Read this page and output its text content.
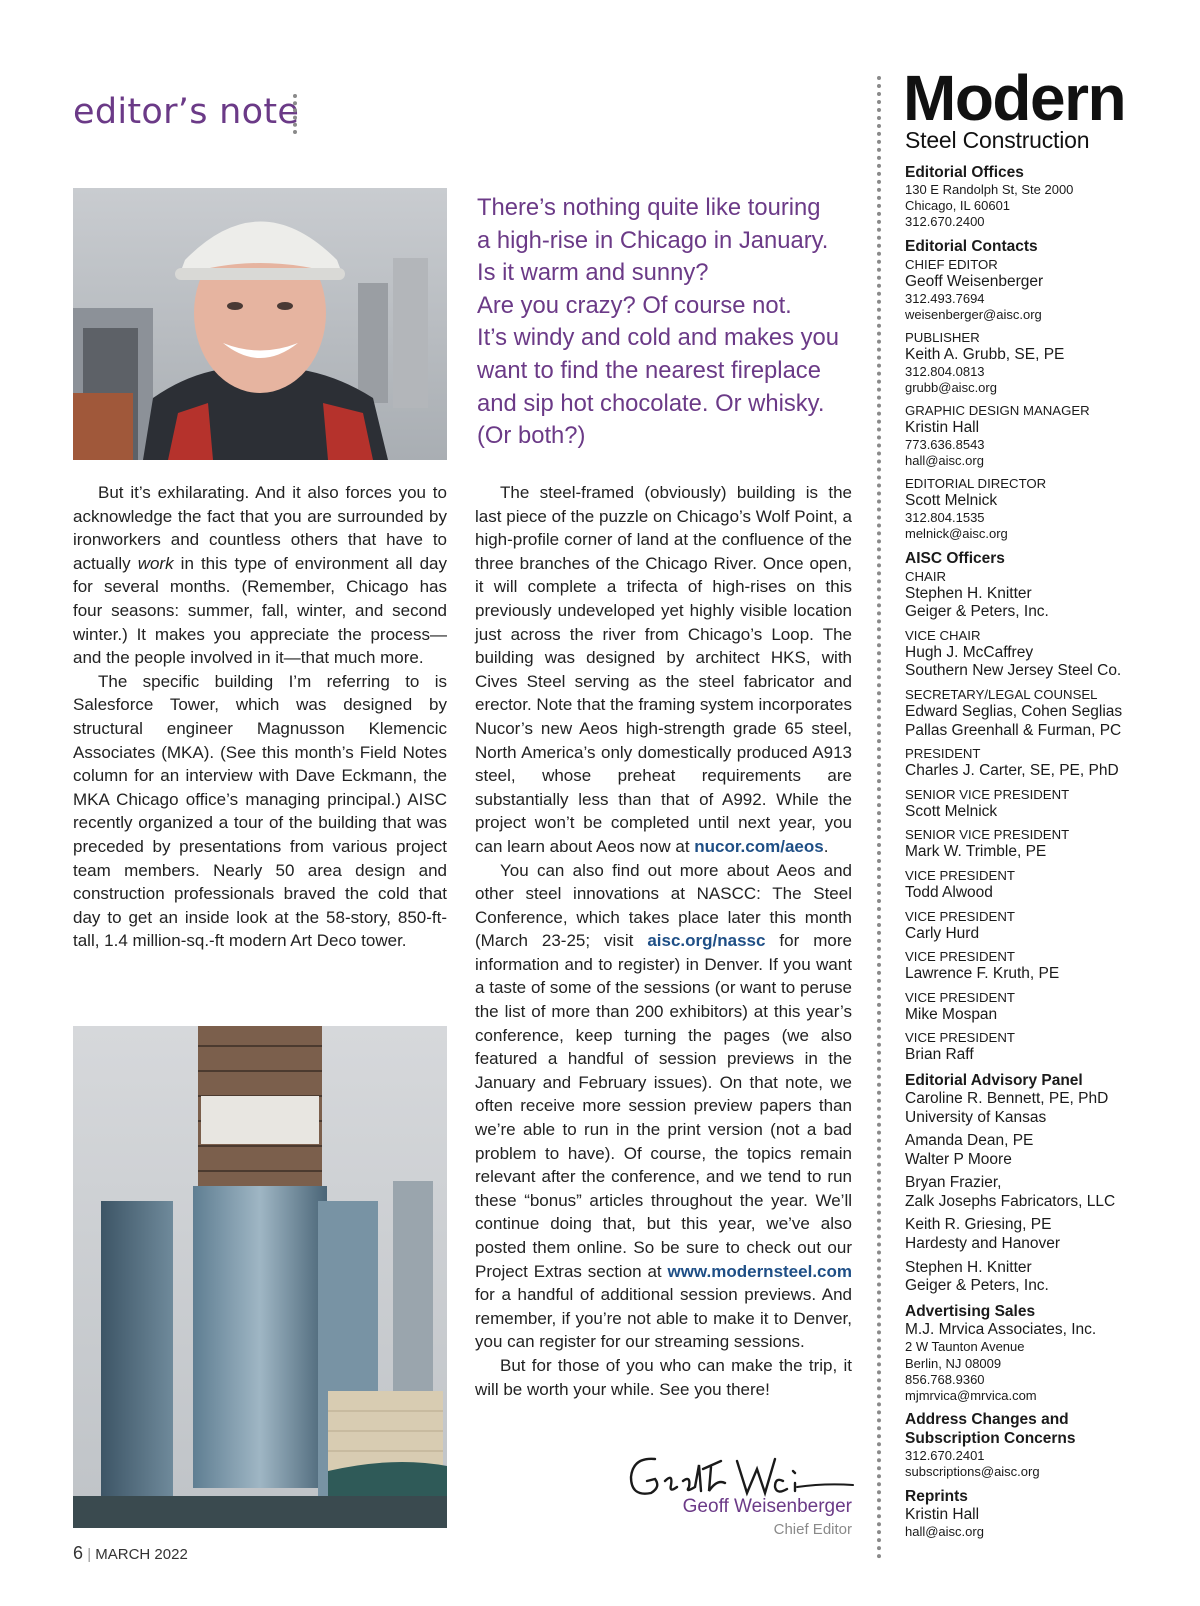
editor’s note
There’s nothing quite like touring
a high-rise in Chicago in January.
Is it warm and sunny?
Are you crazy? Of course not.
It’s windy and cold and makes you
want to find the nearest fireplace
and sip hot chocolate. Or whisky.
(Or both?)

But it’s exhilarating. And it also forces you to acknowledge the fact that you are surrounded by ironworkers and countless others that have to actually work in this type of environment all day for several months. (Remember, Chicago has four seasons: summer, fall, winter, and second winter.) It makes you appreciate the process—and the people involved in it—that much more.

The specific building I’m referring to is Salesforce Tower, which was designed by structural engineer Magnusson Klemencic Associates (MKA). (See this month’s Field Notes column for an interview with Dave Eckmann, the MKA Chicago office’s managing principal.) AISC recently organized a tour of the building that was preceded by presentations from various project team members. Nearly 50 area design and construction professionals braved the cold that day to get an inside look at the 58-story, 850-ft-tall, 1.4 million-sq.-ft modern Art Deco tower.

The steel-framed (obviously) building is the last piece of the puzzle on Chicago’s Wolf Point, a high-profile corner of land at the confluence of the three branches of the Chicago River. Once open, it will complete a trifecta of high-rises on this previously undeveloped yet highly visible location just across the river from Chicago’s Loop. The building was designed by architect HKS, with Cives Steel serving as the steel fabricator and erector. Note that the framing system incorporates Nucor’s new Aeos high-strength grade 65 steel, North America’s only domestically produced A913 steel, whose preheat requirements are substantially less than that of A992. While the project won’t be completed until next year, you can learn about Aeos now at nucor.com/aeos.

You can also find out more about Aeos and other steel innovations at NASCC: The Steel Conference, which takes place later this month (March 23-25; visit aisc.org/nassc for more information and to register) in Denver. If you want a taste of some of the sessions (or want to peruse the list of more than 200 exhibitors) at this year’s conference, keep turning the pages (we also featured a handful of session previews in the January and February issues). On that note, we often receive more session preview papers than we’re able to run in the print version (not a bad problem to have). Of course, the topics remain relevant after the conference, and we tend to run these “bonus” articles throughout the year. We’ll continue doing that, but this year, we’ve also posted them online. So be sure to check out our Project Extras section at www.modernsteel.com for a handful of additional session previews. And remember, if you’re not able to make it to Denver, you can register for our streaming sessions.

But for those of you who can make the trip, it will be worth your while. See you there!

Geoff Weisenberger
Chief Editor
6 | MARCH 2022
Modern
Steel Construction
Editorial Offices
130 E Randolph St, Ste 2000
Chicago, IL 60601
312.670.2400
Editorial Contacts
CHIEF EDITOR
Geoff Weisenberger
312.493.7694
weisenberger@aisc.org
PUBLISHER
Keith A. Grubb, SE, PE
312.804.0813
grubb@aisc.org
GRAPHIC DESIGN MANAGER
Kristin Hall
773.636.8543
hall@aisc.org
EDITORIAL DIRECTOR
Scott Melnick
312.804.1535
melnick@aisc.org
AISC Officers
CHAIR
Stephen H. Knitter
Geiger & Peters, Inc.
VICE CHAIR
Hugh J. McCaffrey
Southern New Jersey Steel Co.
SECRETARY/LEGAL COUNSEL
Edward Seglias, Cohen Seglias
Pallas Greenhall & Furman, PC
PRESIDENT
Charles J. Carter, SE, PE, PhD
SENIOR VICE PRESIDENT
Scott Melnick
SENIOR VICE PRESIDENT
Mark W. Trimble, PE
VICE PRESIDENT
Todd Alwood
VICE PRESIDENT
Carly Hurd
VICE PRESIDENT
Lawrence F. Kruth, PE
VICE PRESIDENT
Mike Mospan
VICE PRESIDENT
Brian Raff
Editorial Advisory Panel
Caroline R. Bennett, PE, PhD
University of Kansas
Amanda Dean, PE
Walter P Moore
Bryan Frazier,
Zalk Josephs Fabricators, LLC
Keith R. Griesing, PE
Hardesty and Hanover
Stephen H. Knitter
Geiger & Peters, Inc.
Advertising Sales
M.J. Mrvica Associates, Inc.
2 W Taunton Avenue
Berlin, NJ 08009
856.768.9360
mjmrvica@mrvica.com
Address Changes and
Subscription Concerns
312.670.2401
subscriptions@aisc.org
Reprints
Kristin Hall
hall@aisc.org
